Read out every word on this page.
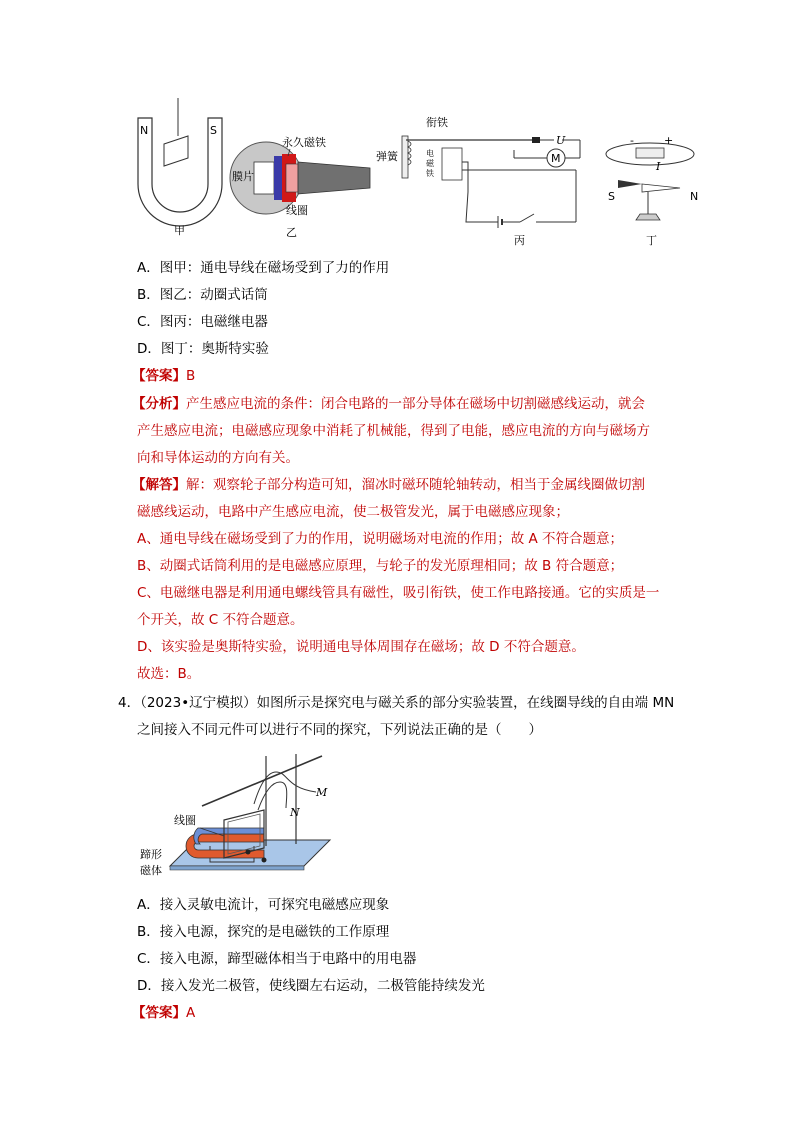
N	S
甲
膜片
永久磁铁
线圈
乙
衔铁
弹簧	电
磁
铁
U
M
丙
-	+
I
S	N
丁
A．图甲：通电导线在磁场受到了力的作用
B．图乙：动圈式话筒
C．图丙：电磁继电器
D．图丁：奥斯特实验
【答案】B
【分析】产生感应电流的条件：闭合电路的一部分导体在磁场中切割磁感线运动，就会
产生感应电流；电磁感应现象中消耗了机械能，得到了电能，感应电流的方向与磁场方
向和导体运动的方向有关。
【解答】解：观察轮子部分构造可知，溜冰时磁环随轮轴转动，相当于金属线圈做切割
磁感线运动，电路中产生感应电流，使二极管发光，属于电磁感应现象；
A、通电导线在磁场受到了力的作用，说明磁场对电流的作用；故 A 不符合题意；
B、动圈式话筒利用的是电磁感应原理，与轮子的发光原理相同；故 B 符合题意；
C、电磁继电器是利用通电螺线管具有磁性，吸引衔铁，使工作电路接通。它的实质是一
个开关，故 C 不符合题意。
D、该实验是奥斯特实验，说明通电导体周围存在磁场；故 D 不符合题意。
故选：B。
4．（2023•辽宁模拟）如图所示是探究电与磁关系的部分实验装置，在线圈导线的自由端 MN
之间接入不同元件可以进行不同的探究，下列说法正确的是（　　）
M
N
线圈
蹄形
磁体
A．接入灵敏电流计，可探究电磁感应现象
B．接入电源，探究的是电磁铁的工作原理
C．接入电源，蹄型磁体相当于电路中的用电器
D．接入发光二极管，使线圈左右运动，二极管能持续发光
【答案】A
